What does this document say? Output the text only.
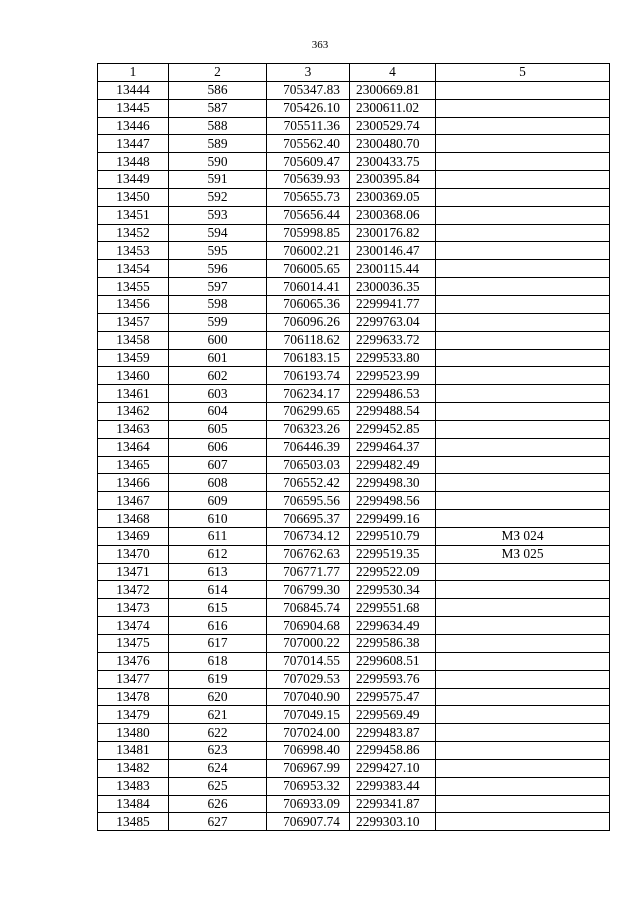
363
1	2	3	4	5
13444	586	705347.83	2300669.81	
13445	587	705426.10	2300611.02	
13446	588	705511.36	2300529.74	
13447	589	705562.40	2300480.70	
13448	590	705609.47	2300433.75	
13449	591	705639.93	2300395.84	
13450	592	705655.73	2300369.05	
13451	593	705656.44	2300368.06	
13452	594	705998.85	2300176.82	
13453	595	706002.21	2300146.47	
13454	596	706005.65	2300115.44	
13455	597	706014.41	2300036.35	
13456	598	706065.36	2299941.77	
13457	599	706096.26	2299763.04	
13458	600	706118.62	2299633.72	
13459	601	706183.15	2299533.80	
13460	602	706193.74	2299523.99	
13461	603	706234.17	2299486.53	
13462	604	706299.65	2299488.54	
13463	605	706323.26	2299452.85	
13464	606	706446.39	2299464.37	
13465	607	706503.03	2299482.49	
13466	608	706552.42	2299498.30	
13467	609	706595.56	2299498.56	
13468	610	706695.37	2299499.16	
13469	611	706734.12	2299510.79	МЗ 024
13470	612	706762.63	2299519.35	МЗ 025
13471	613	706771.77	2299522.09	
13472	614	706799.30	2299530.34	
13473	615	706845.74	2299551.68	
13474	616	706904.68	2299634.49	
13475	617	707000.22	2299586.38	
13476	618	707014.55	2299608.51	
13477	619	707029.53	2299593.76	
13478	620	707040.90	2299575.47	
13479	621	707049.15	2299569.49	
13480	622	707024.00	2299483.87	
13481	623	706998.40	2299458.86	
13482	624	706967.99	2299427.10	
13483	625	706953.32	2299383.44	
13484	626	706933.09	2299341.87	
13485	627	706907.74	2299303.10	
